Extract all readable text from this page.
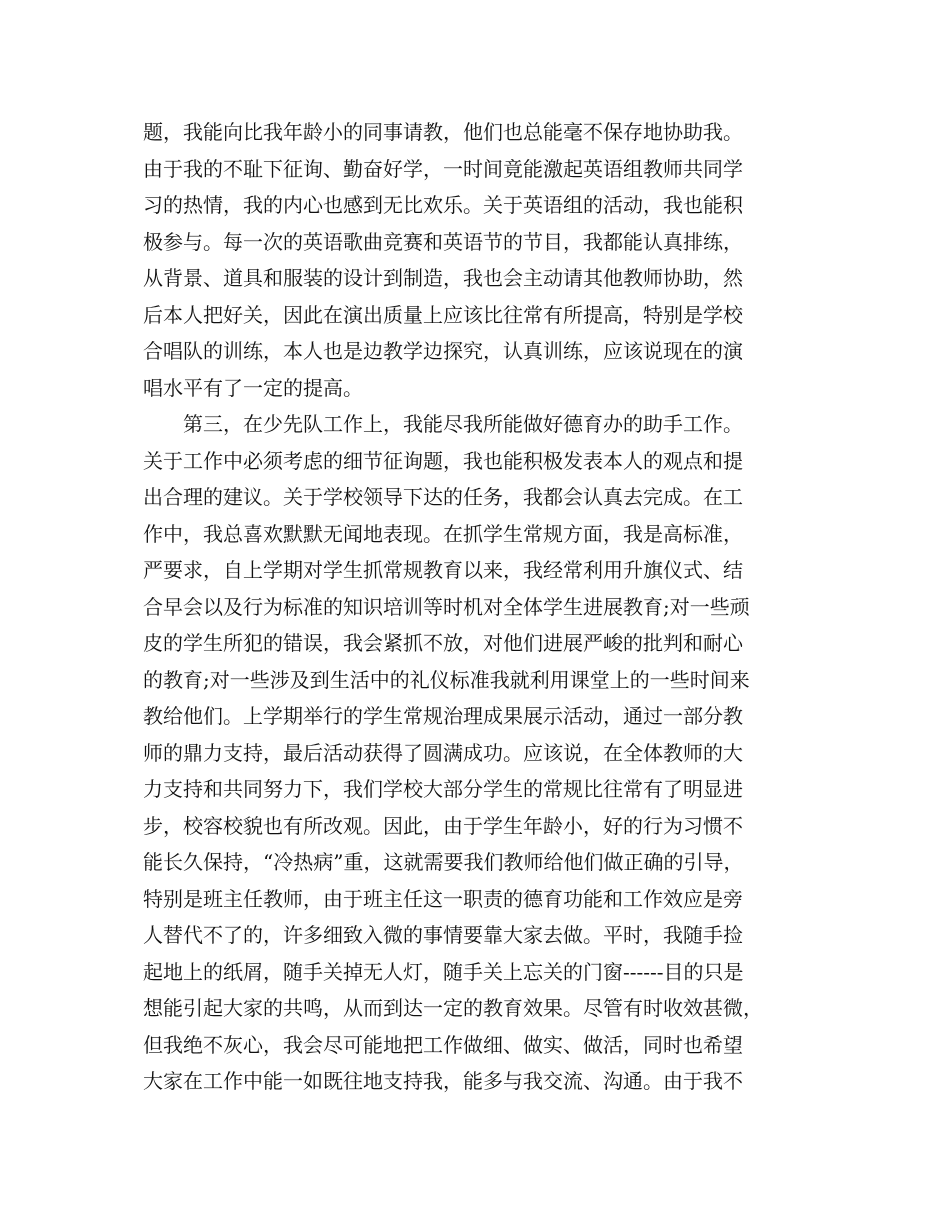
题，我能向比我年龄小的同事请教，他们也总能毫不保存地协助我。
由于我的不耻下征询、勤奋好学，一时间竟能激起英语组教师共同学
习的热情，我的内心也感到无比欢乐。关于英语组的活动，我也能积
极参与。每一次的英语歌曲竞赛和英语节的节目，我都能认真排练，
从背景、道具和服装的设计到制造，我也会主动请其他教师协助，然
后本人把好关，因此在演出质量上应该比往常有所提高，特别是学校
合唱队的训练，本人也是边教学边探究，认真训练，应该说现在的演
唱水平有了一定的提高。
第三，在少先队工作上，我能尽我所能做好德育办的助手工作。
关于工作中必须考虑的细节征询题，我也能积极发表本人的观点和提
出合理的建议。关于学校领导下达的任务，我都会认真去完成。在工
作中，我总喜欢默默无闻地表现。在抓学生常规方面，我是高标准，
严要求，自上学期对学生抓常规教育以来，我经常利用升旗仪式、结
合早会以及行为标准的知识培训等时机对全体学生进展教育;对一些顽
皮的学生所犯的错误，我会紧抓不放，对他们进展严峻的批判和耐心
的教育;对一些涉及到生活中的礼仪标准我就利用课堂上的一些时间来
教给他们。上学期举行的学生常规治理成果展示活动，通过一部分教
师的鼎力支持，最后活动获得了圆满成功。应该说，在全体教师的大
力支持和共同努力下，我们学校大部分学生的常规比往常有了明显进
步，校容校貌也有所改观。因此，由于学生年龄小，好的行为习惯不
能长久保持，“冷热病”重，这就需要我们教师给他们做正确的引导，
特别是班主任教师，由于班主任这一职责的德育功能和工作效应是旁
人替代不了的，许多细致入微的事情要靠大家去做。平时，我随手捡
起地上的纸屑，随手关掉无人灯，随手关上忘关的门窗------目的只是
想能引起大家的共鸣，从而到达一定的教育效果。尽管有时收效甚微，
但我绝不灰心，我会尽可能地把工作做细、做实、做活，同时也希望
大家在工作中能一如既往地支持我，能多与我交流、沟通。由于我不
